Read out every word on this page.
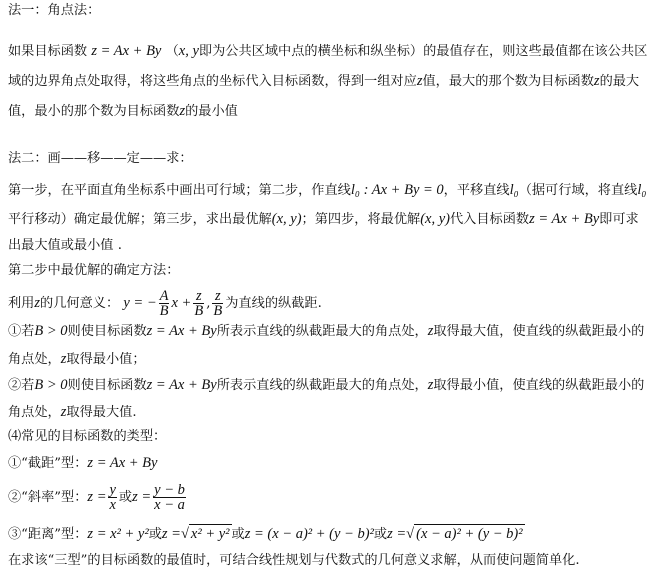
法一：角点法：
如果目标函数 z = Ax + By （x, y即为公共区域中点的横坐标和纵坐标）的最值存在，则这些最值都在该公共区
域的边界角点处取得，将这些角点的坐标代入目标函数，得到一组对应z值，最大的那个数为目标函数z的最大
值，最小的那个数为目标函数z的最小值
法二：画——移——定——求：
第一步，在平面直角坐标系中画出可行域；第二步，作直线l₀ : Ax + By = 0，平移直线l₀（据可行域，将直线l₀
平行移动）确定最优解；第三步，求出最优解(x, y)；第四步，将最优解(x, y)代入目标函数z = Ax + By即可求
出最大值或最小值 .
第二步中最优解的确定方法：
利用z的几何意义： y = − $\frac{A}{B}$ $x + \frac{z}{B}$ , $\frac{z}{B}$ 为直线的纵截距.
①若B > 0则使目标函数z = Ax + By所表示直线的纵截距最大的角点处，z取得最大值，使直线的纵截距最小的
角点处，z取得最小值；
②若B > 0则使目标函数z = Ax + By所表示直线的纵截距最大的角点处，z取得最小值，使直线的纵截距最小的
角点处，z取得最大值.
⑷常见的目标函数的类型：
①“截距”型：z = Ax + By
②“斜率”型：$z = \frac{y}{x}$ 或$z = \frac{y - b}{x - a}$
③“距离”型：z = x² + y²或z =√ x² + y² 或z = (x − a)² + (y − b)²或z =√ (x − a)² + (y − b)²
在求该“三型”的目标函数的最值时，可结合线性规划与代数式的几何意义求解，从而使问题简单化.
